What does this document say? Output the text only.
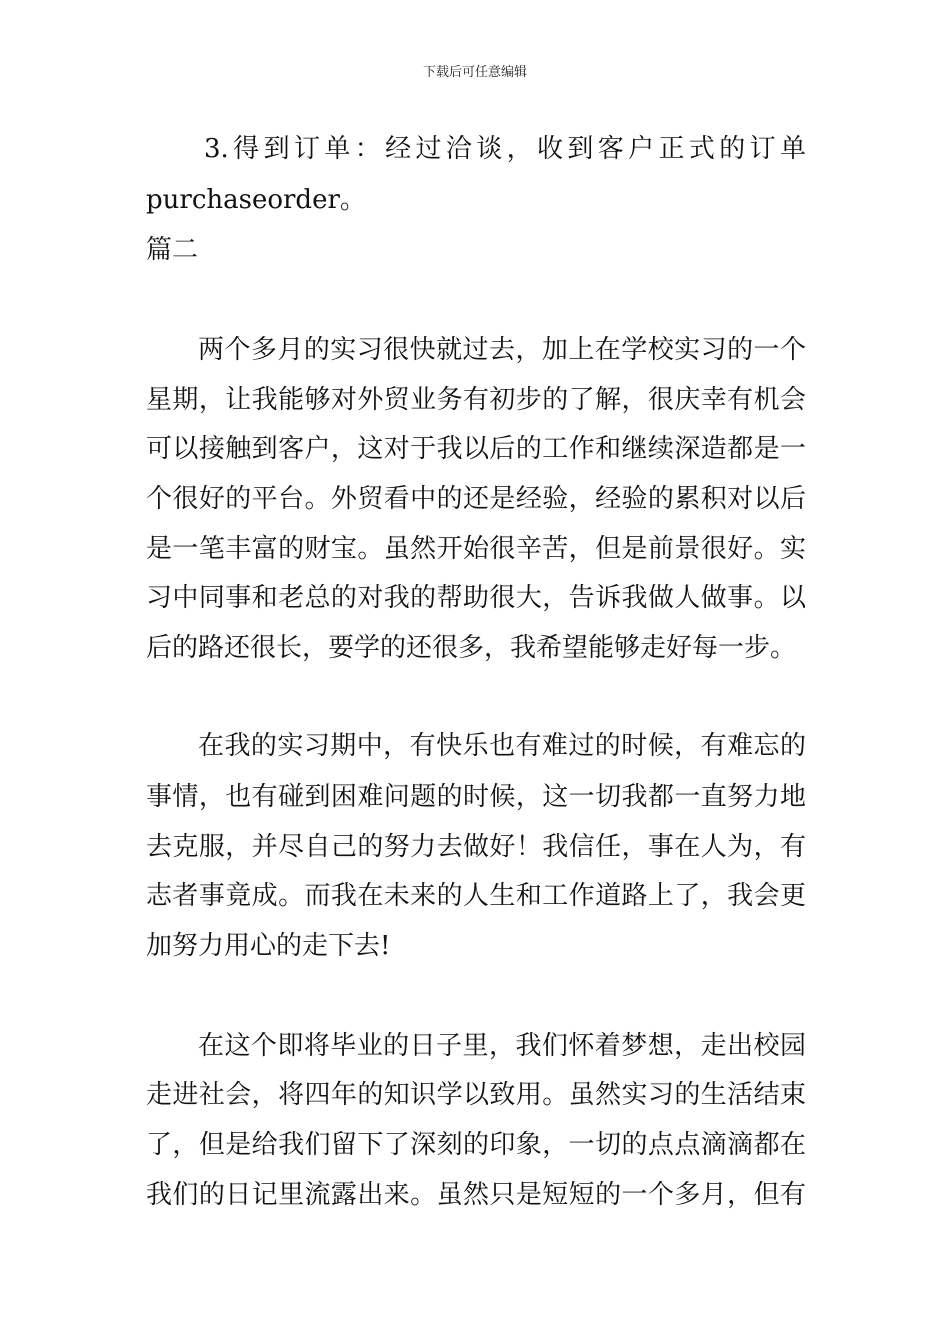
下载后可任意编辑
3.得到订单：经过洽谈，收到客户正式的订单
purchaseorder。
篇二
两个多月的实习很快就过去，加上在学校实习的一个
星期，让我能够对外贸业务有初步的了解，很庆幸有机会
可以接触到客户，这对于我以后的工作和继续深造都是一
个很好的平台。外贸看中的还是经验，经验的累积对以后
是一笔丰富的财宝。虽然开始很辛苦，但是前景很好。实
习中同事和老总的对我的帮助很大，告诉我做人做事。以
后的路还很长，要学的还很多，我希望能够走好每一步。
在我的实习期中，有快乐也有难过的时候，有难忘的
事情，也有碰到困难问题的时候，这一切我都一直努力地
去克服，并尽自己的努力去做好！我信任，事在人为，有
志者事竟成。而我在未来的人生和工作道路上了，我会更
加努力用心的走下去!
在这个即将毕业的日子里，我们怀着梦想，走出校园
走进社会，将四年的知识学以致用。虽然实习的生活结束
了，但是给我们留下了深刻的印象，一切的点点滴滴都在
我们的日记里流露出来。虽然只是短短的一个多月，但有
